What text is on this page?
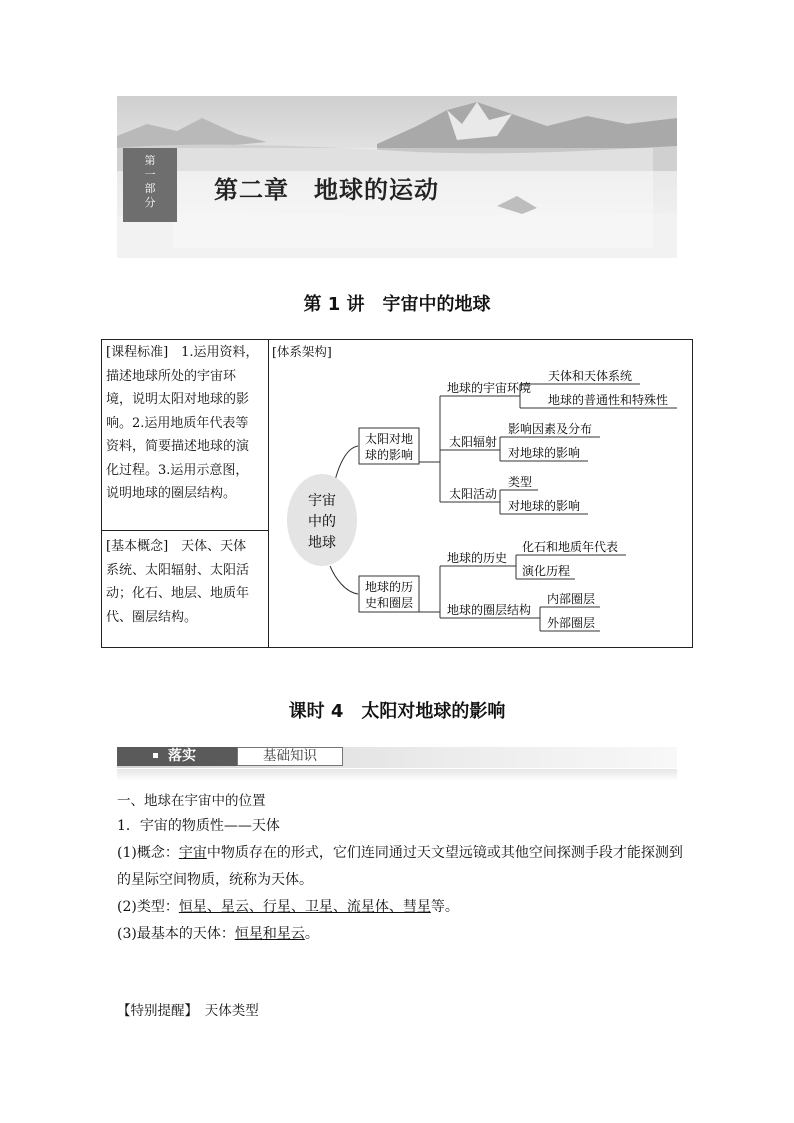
第
一
部
分	第二章　地球的运动
第 1 讲　宇宙中的地球
[课程标准]　1.运用资料，
描述地球所处的宇宙环
境，说明太阳对地球的影
响。2.运用地质年代表等
资料，简要描述地球的演
化过程。3.运用示意图，
说明地球的圈层结构。
[基本概念]　天体、天体
系统、太阳辐射、太阳活
动；化石、地层、地质年
代、圈层结构。
[体系架构]
宇宙
中的
地球
太阳对地
球的影响
地球的历
史和圈层
地球的宇宙环境
天体和天体系统
地球的普通性和特殊性
太阳辐射
影响因素及分布
对地球的影响
太阳活动
类型
对地球的影响
地球的历史
化石和地质年代表
演化历程
地球的圈层结构
内部圈层
外部圈层
课时 4　太阳对地球的影响
落实	基础知识
一、地球在宇宙中的位置
1．宇宙的物质性——天体
(1)概念：宇宙中物质存在的形式，它们连同通过天文望远镜或其他空间探测手段才能探测到
的星际空间物质，统称为天体。
(2)类型：恒星、星云、行星、卫星、流星体、彗星等。
(3)最基本的天体：恒星和星云。
【特别提醒】　天体类型
